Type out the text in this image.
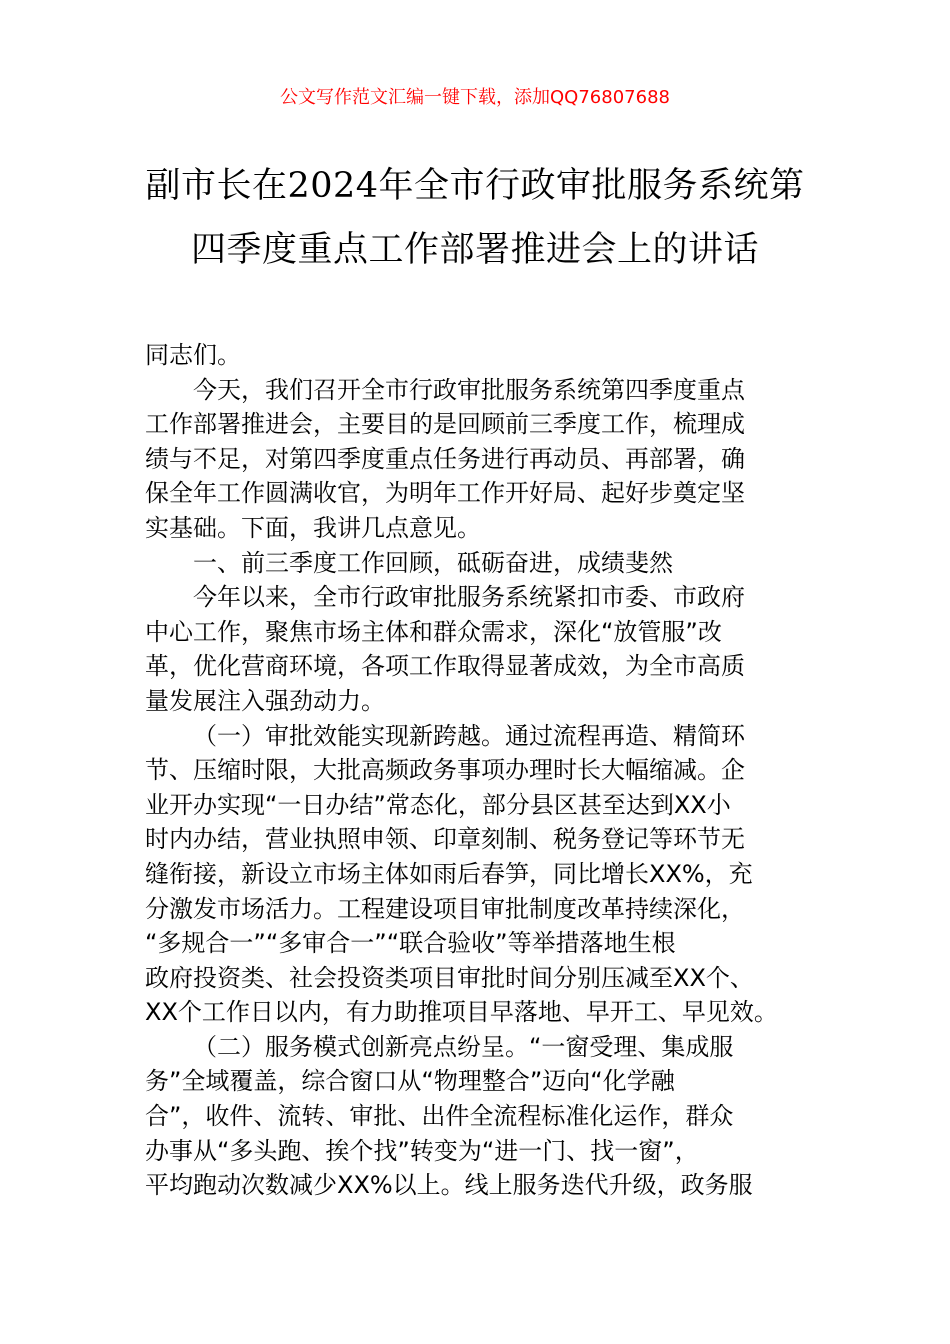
公文写作范文汇编一键下载，添加QQ76807688
副市长在2024年全市行政审批服务系统第
四季度重点工作部署推进会上的讲话

同志们。

今天，我们召开全市行政审批服务系统第四季度重点
工作部署推进会，主要目的是回顾前三季度工作，梳理成
绩与不足，对第四季度重点任务进行再动员、再部署，确
保全年工作圆满收官，为明年工作开好局、起好步奠定坚
实基础。下面，我讲几点意见。

一、前三季度工作回顾，砥砺奋进，成绩斐然

今年以来，全市行政审批服务系统紧扣市委、市政府
中心工作，聚焦市场主体和群众需求，深化“放管服”改
革，优化营商环境，各项工作取得显著成效，为全市高质
量发展注入强劲动力。

（一）审批效能实现新跨越。通过流程再造、精简环
节、压缩时限，大批高频政务事项办理时长大幅缩减。企
业开办实现“一日办结”常态化，部分县区甚至达到XX小
时内办结，营业执照申领、印章刻制、税务登记等环节无
缝衔接，新设立市场主体如雨后春笋，同比增长XX%，充
分激发市场活力。工程建设项目审批制度改革持续深化，
“多规合一”“多审合一”“联合验收”等举措落地生根
政府投资类、社会投资类项目审批时间分别压减至XX个、
XX个工作日以内，有力助推项目早落地、早开工、早见效。

（二）服务模式创新亮点纷呈。“一窗受理、集成服
务”全域覆盖，综合窗口从“物理整合”迈向“化学融
合”，收件、流转、审批、出件全流程标准化运作，群众
办事从“多头跑、挨个找”转变为“进一门、找一窗”，
平均跑动次数减少XX%以上。线上服务迭代升级，政务服
